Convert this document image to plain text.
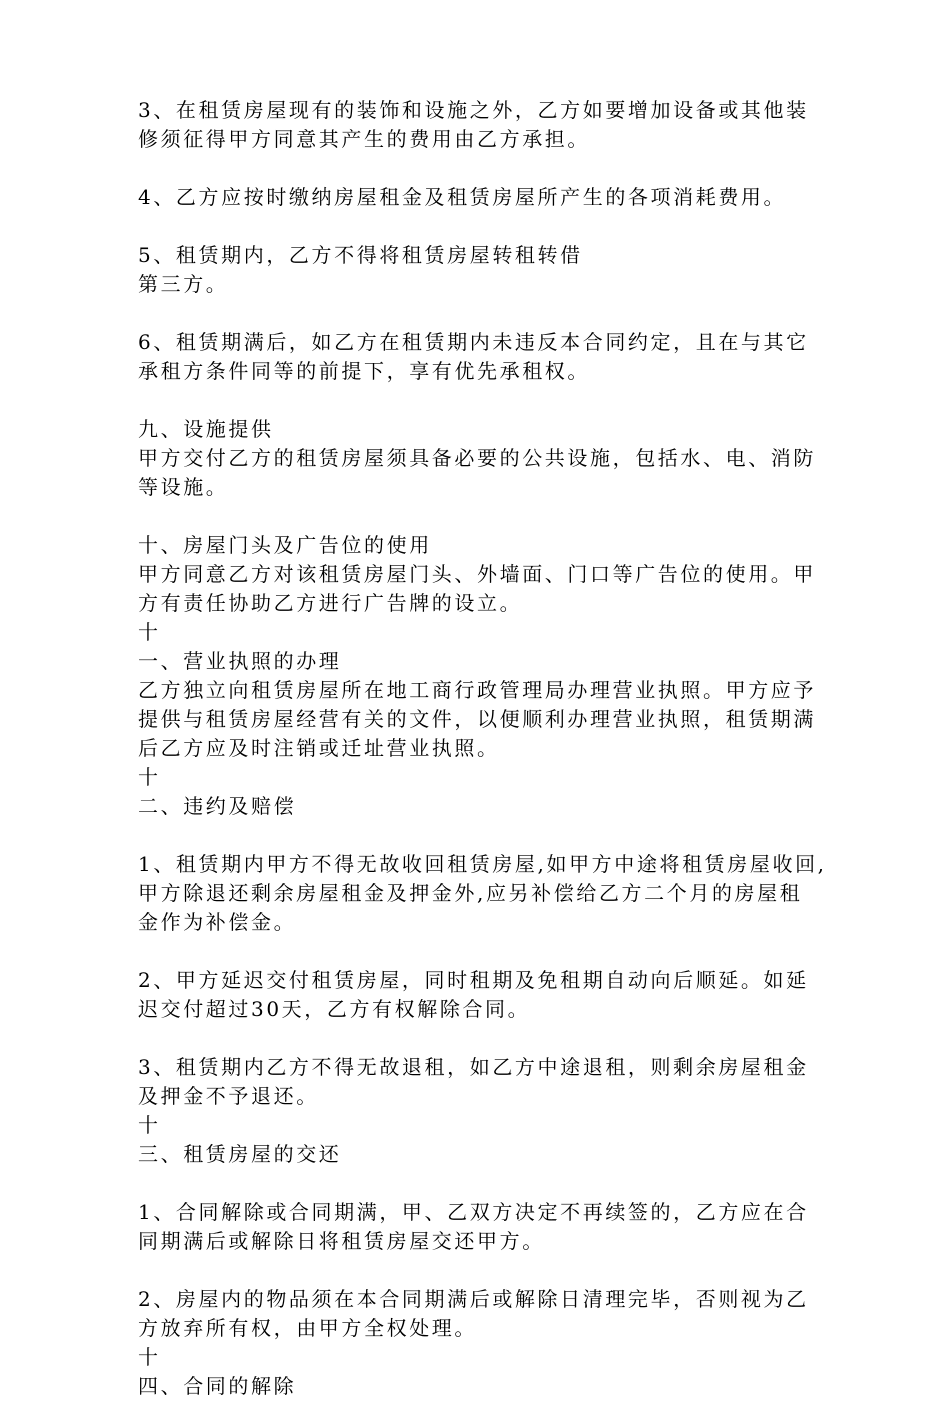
3、在租赁房屋现有的装饰和设施之外，乙方如要增加设备或其他装
修须征得甲方同意其产生的费用由乙方承担。
4、乙方应按时缴纳房屋租金及租赁房屋所产生的各项消耗费用。
5、租赁期内，乙方不得将租赁房屋转租转借
第三方。
6、租赁期满后，如乙方在租赁期内未违反本合同约定，且在与其它
承租方条件同等的前提下，享有优先承租权。
九、设施提供
甲方交付乙方的租赁房屋须具备必要的公共设施，包括水、电、消防
等设施。
十、房屋门头及广告位的使用
甲方同意乙方对该租赁房屋门头、外墙面、门口等广告位的使用。甲
方有责任协助乙方进行广告牌的设立。
十
一、营业执照的办理
乙方独立向租赁房屋所在地工商行政管理局办理营业执照。甲方应予
提供与租赁房屋经营有关的文件，以便顺利办理营业执照，租赁期满
后乙方应及时注销或迁址营业执照。
十
二、违约及赔偿
1、租赁期内甲方不得无故收回租赁房屋,如甲方中途将租赁房屋收回,
甲方除退还剩余房屋租金及押金外,应另补偿给乙方二个月的房屋租
金作为补偿金。
2、甲方延迟交付租赁房屋，同时租期及免租期自动向后顺延。如延
迟交付超过30天，乙方有权解除合同。
3、租赁期内乙方不得无故退租，如乙方中途退租，则剩余房屋租金
及押金不予退还。
十
三、租赁房屋的交还
1、合同解除或合同期满，甲、乙双方决定不再续签的，乙方应在合
同期满后或解除日将租赁房屋交还甲方。
2、房屋内的物品须在本合同期满后或解除日清理完毕，否则视为乙
方放弃所有权，由甲方全权处理。
十
四、合同的解除
